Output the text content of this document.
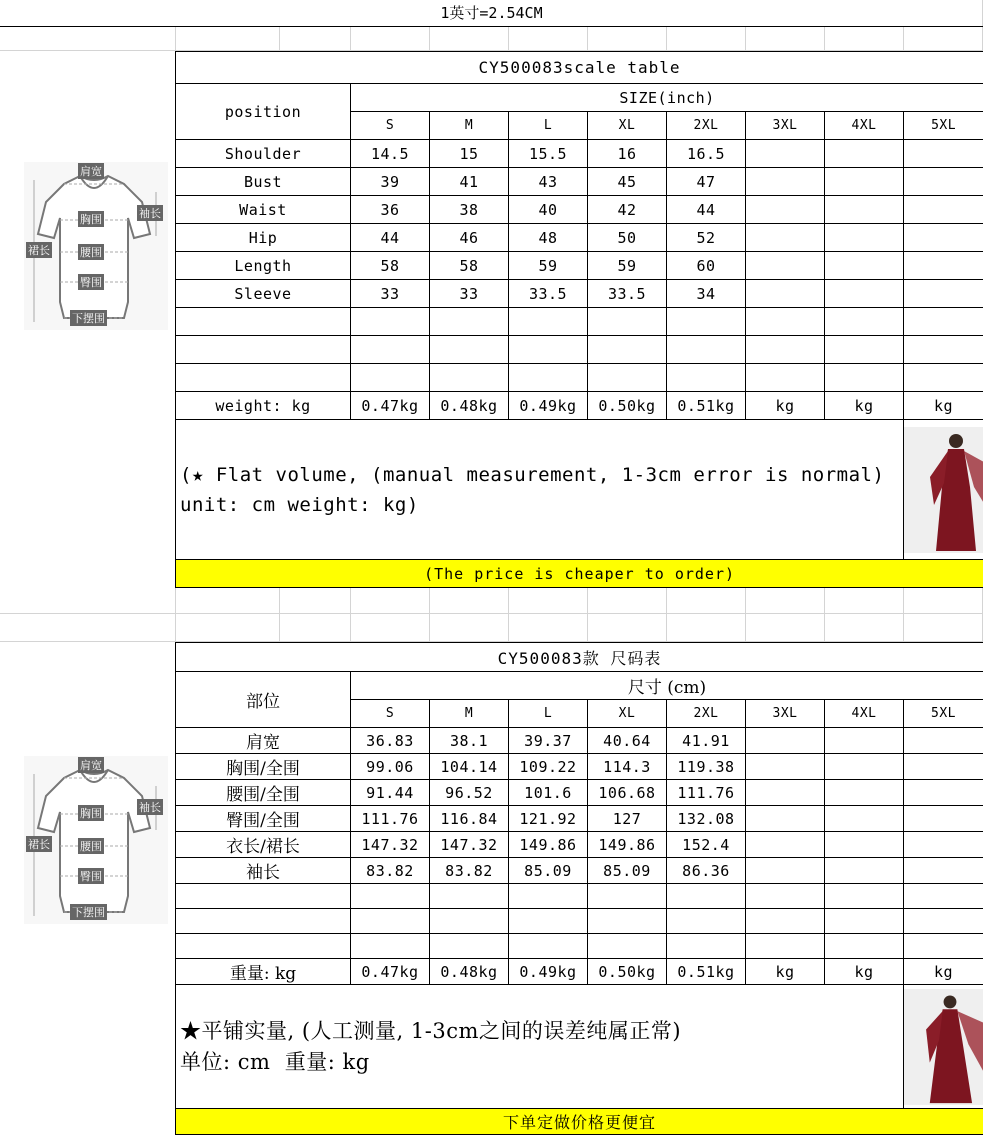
1英寸=2.54CM
肩宽
袖长
胸围
裙长	腰围
臀围
下摆围
CY500083scale table								
position	SIZE(inch)							
	S	M	L	XL	2XL	3XL	4XL	5XL
Shoulder	14.5	15	15.5	16	16.5			
Bust	39	41	43	45	47			
Waist	36	38	40	42	44			
Hip	44	46	48	50	52			
Length	58	58	59	59	60			
Sleeve	33	33	33.5	33.5	34			

weight: kg	0.47kg	0.48kg	0.49kg	0.50kg	0.51kg	kg	kg	kg
(★ Flat volume, (manual measurement, 1-3cm error is normal) unit: cm weight: kg)	

(The price is cheaper to order)								
肩宽
袖长
胸围
裙长	腰围
臀围
下摆围
CY500083款 尺码表								
部位	尺寸 (cm)							
	S	M	L	XL	2XL	3XL	4XL	5XL
肩宽	36.83	38.1	39.37	40.64	41.91			
胸围/全围	99.06	104.14	109.22	114.3	119.38			
腰围/全围	91.44	96.52	101.6	106.68	111.76			
臀围/全围	111.76	116.84	121.92	127	132.08			
衣长/裙长	147.32	147.32	149.86	149.86	152.4			
袖长	83.82	83.82	85.09	85.09	86.36			

重量: kg	0.47kg	0.48kg	0.49kg	0.50kg	0.51kg	kg	kg	kg

★平铺实量, (人工测量, 1-3cm之间的误差纯属正常)
单位: cm  重量: kg

下单定做价格更便宜								
